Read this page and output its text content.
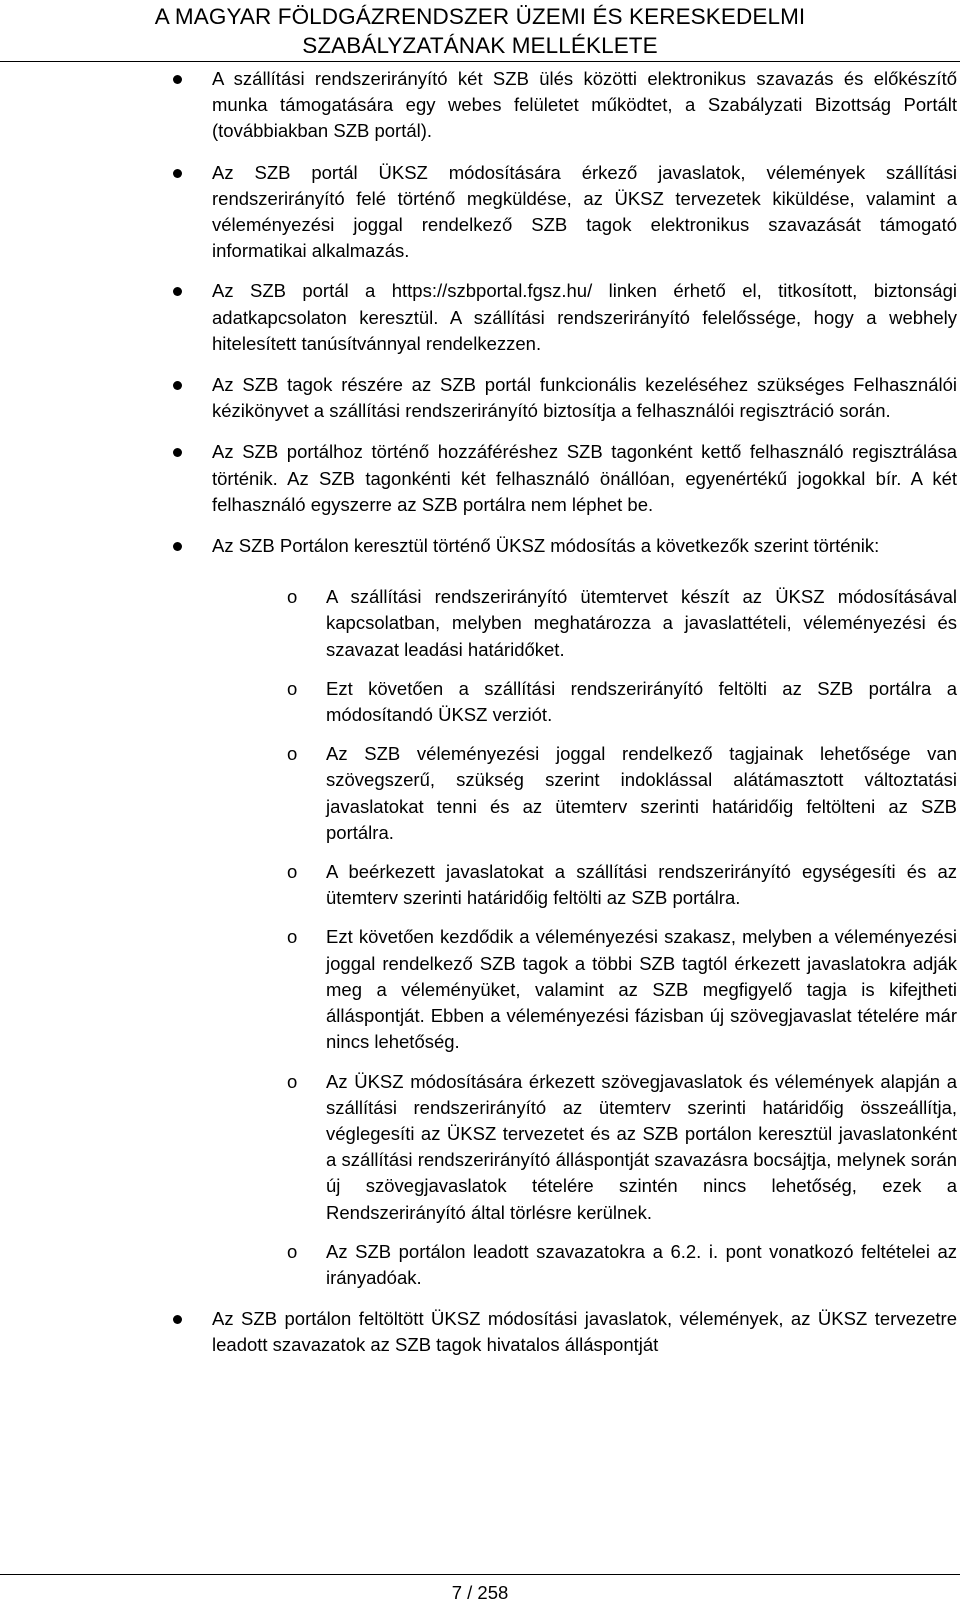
A MAGYAR FÖLDGÁZRENDSZER ÜZEMI ÉS KERESKEDELMI
SZABÁLYZATÁNAK MELLÉKLETE
A szállítási rendszerirányító két SZB ülés közötti elektronikus szavazás és előkészítő munka támogatására egy webes felületet működtet, a Szabályzati Bizottság Portált (továbbiakban SZB portál).
Az SZB portál ÜKSZ módosítására érkező javaslatok, vélemények szállítási rendszerirányító felé történő megküldése, az ÜKSZ tervezetek kiküldése, valamint a véleményezési joggal rendelkező SZB tagok elektronikus szavazását támogató informatikai alkalmazás.
Az SZB portál a https://szbportal.fgsz.hu/ linken érhető el, titkosított, biztonsági adatkapcsolaton keresztül. A szállítási rendszerirányító felelőssége, hogy a webhely hitelesített tanúsítvánnyal rendelkezzen.
Az SZB tagok részére az SZB portál funkcionális kezeléséhez szükséges Felhasználói kézikönyvet a szállítási rendszerirányító biztosítja a felhasználói regisztráció során.
Az SZB portálhoz történő hozzáféréshez SZB tagonként kettő felhasználó regisztrálása történik. Az SZB tagonkénti két felhasználó önállóan, egyenértékű jogokkal bír. A két felhasználó egyszerre az SZB portálra nem léphet be.
Az SZB Portálon keresztül történő ÜKSZ módosítás a következők szerint történik:
o A szállítási rendszerirányító ütemtervet készít az ÜKSZ módosításával kapcsolatban, melyben meghatározza a javaslattételi, véleményezési és szavazat leadási határidőket.
o Ezt követően a szállítási rendszerirányító feltölti az SZB portálra a módosítandó ÜKSZ verziót.
o Az SZB véleményezési joggal rendelkező tagjainak lehetősége van szövegszerű, szükség szerint indoklással alátámasztott változtatási javaslatokat tenni és az ütemterv szerinti határidőig feltölteni az SZB portálra.
o A beérkezett javaslatokat a szállítási rendszerirányító egységesíti és az ütemterv szerinti határidőig feltölti az SZB portálra.
o Ezt követően kezdődik a véleményezési szakasz, melyben a véleményezési joggal rendelkező SZB tagok a többi SZB tagtól érkezett javaslatokra adják meg a véleményüket, valamint az SZB megfigyelő tagja is kifejtheti álláspontját. Ebben a véleményezési fázisban új szövegjavaslat tételére már nincs lehetőség.
o Az ÜKSZ módosítására érkezett szövegjavaslatok és vélemények alapján a szállítási rendszerirányító az ütemterv szerinti határidőig összeállítja, véglegesíti az ÜKSZ tervezetet és az SZB portálon keresztül javaslatonként a szállítási rendszerirányító álláspontját szavazásra bocsájtja, melynek során új szövegjavaslatok tételére szintén nincs lehetőség, ezek a Rendszerirányító által törlésre kerülnek.
o Az SZB portálon leadott szavazatokra a 6.2. i. pont vonatkozó feltételei az irányadóak.
Az SZB portálon feltöltött ÜKSZ módosítási javaslatok, vélemények, az ÜKSZ tervezetre leadott szavazatok az SZB tagok hivatalos álláspontját
7 / 258
